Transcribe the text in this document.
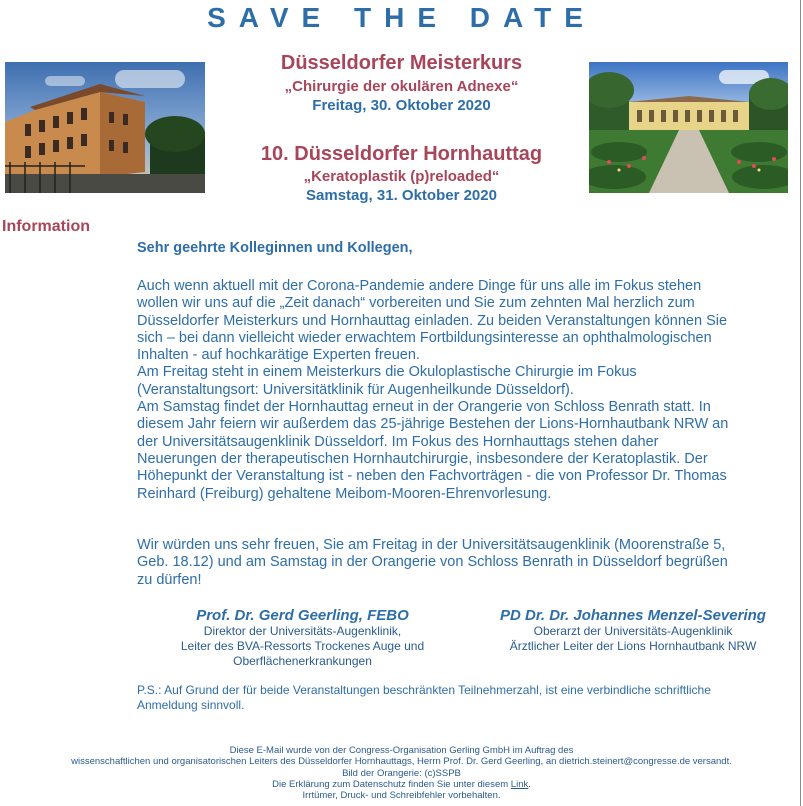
SAVE THE DATE
Düsseldorfer Meisterkurs
„Chirurgie der okulären Adnexe“
Freitag, 30. Oktober 2020
10. Düsseldorfer Hornhauttag
„Keratoplastik (p)reloaded“
Samstag, 31. Oktober 2020
Information
Sehr geehrte Kolleginnen und Kollegen,
Auch wenn aktuell mit der Corona-Pandemie andere Dinge für uns alle im Fokus stehen
wollen wir uns auf die „Zeit danach“ vorbereiten und Sie zum zehnten Mal herzlich zum
Düsseldorfer Meisterkurs und Hornhauttag einladen. Zu beiden Veranstaltungen können Sie
sich – bei dann vielleicht wieder erwachtem Fortbildungsinteresse an ophthalmologischen
Inhalten - auf hochkarätige Experten freuen.
Am Freitag steht in einem Meisterkurs die Okuloplastische Chirurgie im Fokus
(Veranstaltungsort: Universitätklinik für Augenheilkunde Düsseldorf).
Am Samstag findet der Hornhauttag erneut in der Orangerie von Schloss Benrath statt. In
diesem Jahr feiern wir außerdem das 25-jährige Bestehen der Lions-Hornhautbank NRW an
der Universitätsaugenklinik Düsseldorf. Im Fokus des Hornhauttags stehen daher
Neuerungen der therapeutischen Hornhautchirurgie, insbesondere der Keratoplastik. Der
Höhepunkt der Veranstaltung ist - neben den Fachvorträgen - die von Professor Dr. Thomas
Reinhard (Freiburg) gehaltene Meibom-Mooren-Ehrenvorlesung.
Wir würden uns sehr freuen, Sie am Freitag in der Universitätsaugenklinik (Moorenstraße 5,
Geb. 18.12) und am Samstag in der Orangerie von Schloss Benrath in Düsseldorf begrüßen
zu dürfen!
Prof. Dr. Gerd Geerling, FEBO
Direktor der Universitäts-Augenklinik,
Leiter des BVA-Ressorts Trockenes Auge und
Oberflächenerkrankungen
PD Dr. Dr. Johannes Menzel-Severing
Oberarzt der Universitäts-Augenklinik
Ärztlicher Leiter der Lions Hornhautbank NRW
P.S.: Auf Grund der für beide Veranstaltungen beschränkten Teilnehmerzahl, ist eine verbindliche schriftliche
Anmeldung sinnvoll.
Diese E-Mail wurde von der Congress-Organisation Gerling GmbH im Auftrag des
wissenschaftlichen und organisatorischen Leiters des Düsseldorfer Hornhauttags, Herrn Prof. Dr. Gerd Geerling, an dietrich.steinert@congresse.de versandt.
Bild der Orangerie: (c)SSPB
Die Erklärung zum Datenschutz finden Sie unter diesem Link.
Irrtümer, Druck- und Schreibfehler vorbehalten.
